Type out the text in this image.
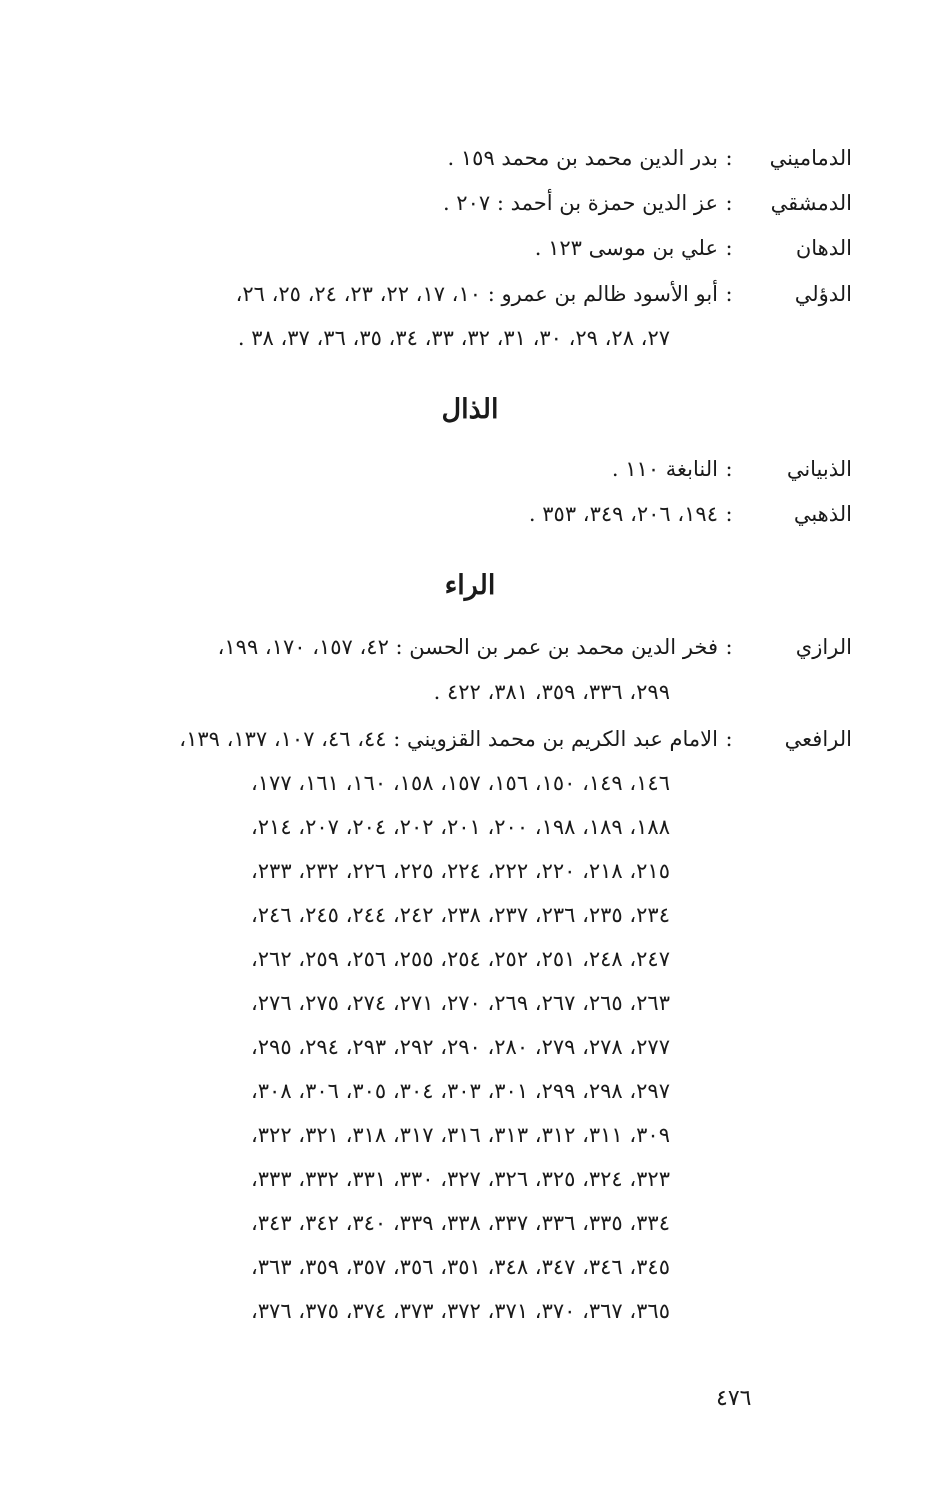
الدماميني:بدر الدين محمد بن محمد ١٥٩ .
الدمشقي:عز الدين حمزة بن أحمد : ٢٠٧ .
الدهان:علي بن موسى ١٢٣ .
الدؤلي:أبو الأسود ظالم بن عمرو : ١٠، ١٧، ٢٢، ٢٣، ٢٤، ٢٥، ٢٦،
٢٧، ٢٨، ٢٩، ٣٠، ٣١، ٣٢، ٣٣، ٣٤، ٣٥، ٣٦، ٣٧، ٣٨ .
الذال
الذبياني:النابغة ١١٠ .
الذهبي:١٩٤، ٢٠٦، ٣٤٩، ٣٥٣ .
الراء
الرازي:فخر الدين محمد بن عمر بن الحسن : ٤٢، ١٥٧، ١٧٠، ١٩٩،
٢٩٩، ٣٣٦، ٣٥٩، ٣٨١، ٤٢٢ .
الرافعي:الامام عبد الكريم بن محمد القزويني : ٤٤، ٤٦، ١٠٧، ١٣٧، ١٣٩،
١٤٦، ١٤٩، ١٥٠، ١٥٦، ١٥٧، ١٥٨، ١٦٠، ١٦١، ١٧٧،
١٨٨، ١٨٩، ١٩٨، ٢٠٠، ٢٠١، ٢٠٢، ٢٠٤، ٢٠٧، ٢١٤،
٢١٥، ٢١٨، ٢٢٠، ٢٢٢، ٢٢٤، ٢٢٥، ٢٢٦، ٢٣٢، ٢٣٣،
٢٣٤، ٢٣٥، ٢٣٦، ٢٣٧، ٢٣٨، ٢٤٢، ٢٤٤، ٢٤٥، ٢٤٦،
٢٤٧، ٢٤٨، ٢٥١، ٢٥٢، ٢٥٤، ٢٥٥، ٢٥٦، ٢٥٩، ٢٦٢،
٢٦٣، ٢٦٥، ٢٦٧، ٢٦٩، ٢٧٠، ٢٧١، ٢٧٤، ٢٧٥، ٢٧٦،
٢٧٧، ٢٧٨، ٢٧٩، ٢٨٠، ٢٩٠، ٢٩٢، ٢٩٣، ٢٩٤، ٢٩٥،
٢٩٧، ٢٩٨، ٢٩٩، ٣٠١، ٣٠٣، ٣٠٤، ٣٠٥، ٣٠٦، ٣٠٨،
٣٠٩، ٣١١، ٣١٢، ٣١٣، ٣١٦، ٣١٧، ٣١٨، ٣٢١، ٣٢٢،
٣٢٣، ٣٢٤، ٣٢٥، ٣٢٦، ٣٢٧، ٣٣٠، ٣٣١، ٣٣٢، ٣٣٣،
٣٣٤، ٣٣٥، ٣٣٦، ٣٣٧، ٣٣٨، ٣٣٩، ٣٤٠، ٣٤٢، ٣٤٣،
٣٤٥، ٣٤٦، ٣٤٧، ٣٤٨، ٣٥١، ٣٥٦، ٣٥٧، ٣٥٩، ٣٦٣،
٣٦٥، ٣٦٧، ٣٧٠، ٣٧١، ٣٧٢، ٣٧٣، ٣٧٤، ٣٧٥، ٣٧٦،
٤٧٦
